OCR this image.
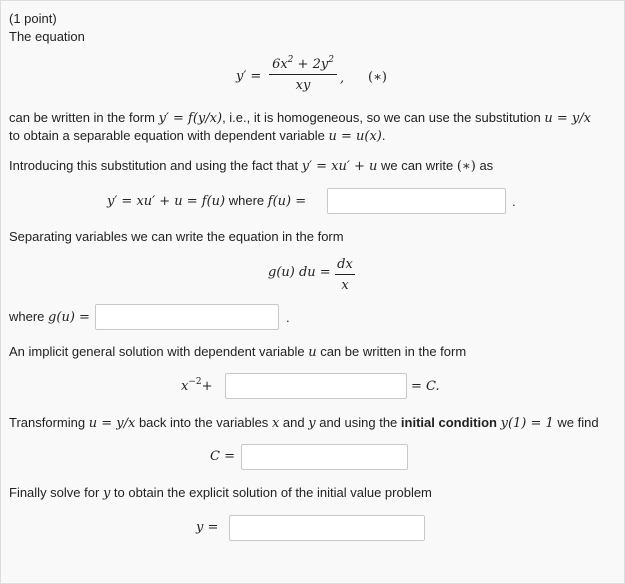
(1 point)
The equation
y′ =
$6x^2 + 2y^2$
xy	, (∗)
can be written in the form y′ = f(y/x), i.e., it is homogeneous, so we can use the substitution u = y/x
to obtain a separable equation with dependent variable u = u(x).
Introducing this substitution and using the fact that y′ = xu′ + u we can write (∗) as
y′ = xu′ + u = f(u) where f(u) =	.
Separating variables we can write the equation in the form
g(u) du =
dx
x
where g(u) =	.
An implicit general solution with dependent variable u can be written in the form
$x^{-2}+$	= C.
Transforming u = y/x back into the variables x and y and using the initial condition y(1) = 1 we find
C =
Finally solve for y to obtain the explicit solution of the initial value problem
y =
